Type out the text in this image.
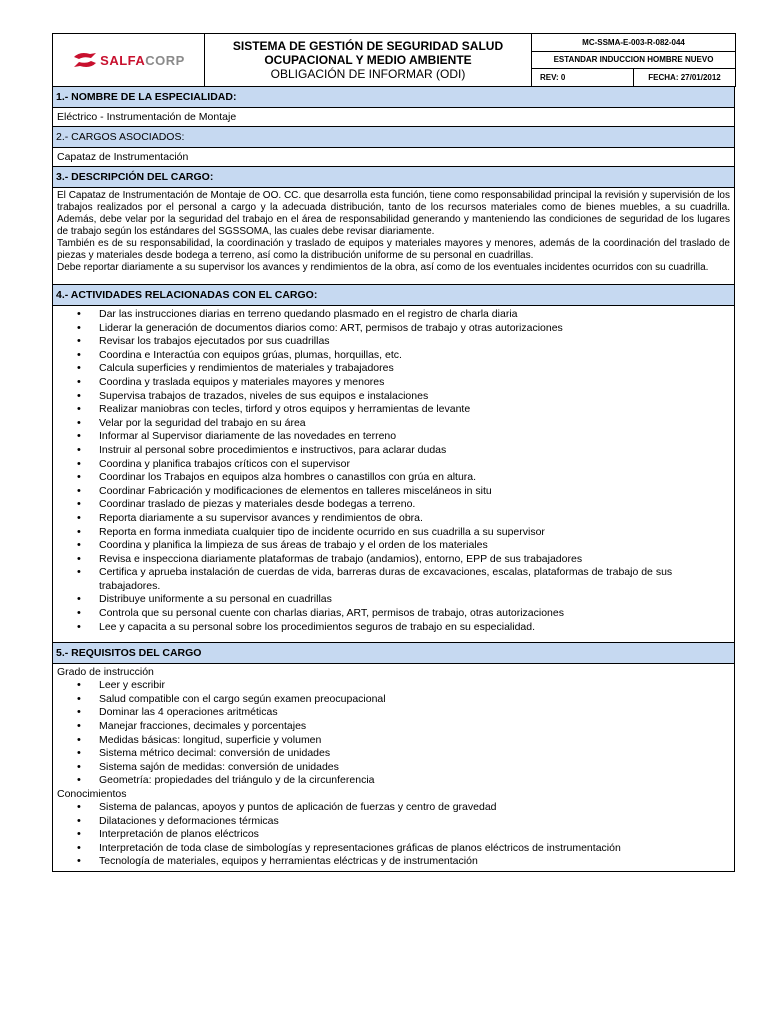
SALFACORP	SISTEMA DE GESTIÓN DE SEGURIDAD SALUD
OCUPACIONAL Y MEDIO AMBIENTE
OBLIGACIÓN DE INFORMAR (ODI)	MC-SSMA-E-003-R-082-044	
		ESTANDAR INDUCCION HOMBRE NUEVO	
		REV: 0	FECHA: 27/01/2012
1.- NOMBRE DE LA ESPECIALIDAD:
Eléctrico - Instrumentación de Montaje
2.- CARGOS ASOCIADOS:
Capataz de Instrumentación
3.- DESCRIPCIÓN DEL CARGO:

El Capataz de Instrumentación de Montaje de OO. CC. que desarrolla esta función, tiene como responsabilidad principal la revisión y supervisión de los trabajos realizados por el personal a cargo y la adecuada distribución, tanto de los recursos materiales como de bienes muebles, a su cuadrilla. Además, debe velar por la seguridad del trabajo en el área de responsabilidad generando y manteniendo las condiciones de seguridad de los lugares de trabajo según los estándares del SGSSOMA, las cuales debe revisar diariamente.

También es de su responsabilidad, la coordinación y traslado de equipos y materiales mayores y menores, además de la coordinación del traslado de piezas y materiales desde bodega a terreno, así como la distribución uniforme de su personal en cuadrillas.

Debe reportar diariamente a su supervisor los avances y rendimientos de la obra, así como de los eventuales incidentes ocurridos con su cuadrilla.

4.- ACTIVIDADES RELACIONADAS CON EL CARGO:
• Dar las instrucciones diarias en terreno quedando plasmado en el registro de charla diaria
• Liderar la generación de documentos diarios como: ART, permisos de trabajo y otras autorizaciones
• Revisar los trabajos ejecutados por sus cuadrillas
• Coordina e Interactúa con equipos grúas, plumas, horquillas, etc.
• Calcula superficies y rendimientos de materiales y trabajadores
• Coordina y traslada equipos y materiales mayores y menores
• Supervisa trabajos de trazados, niveles de sus equipos e instalaciones
• Realizar maniobras con tecles, tirford y otros equipos y herramientas de levante
• Velar por la seguridad del trabajo en su área
• Informar al Supervisor diariamente de las novedades en terreno
• Instruir al personal sobre procedimientos e instructivos, para aclarar dudas
• Coordina y planifica trabajos críticos con el supervisor
• Coordinar los Trabajos en equipos alza hombres o canastillos con grúa en altura.
• Coordinar Fabricación y modificaciones de elementos en talleres misceláneos in situ
• Coordinar traslado de piezas y materiales desde bodegas a terreno.
• Reporta diariamente a su supervisor avances y rendimientos de obra.
• Reporta en forma inmediata cualquier tipo de incidente ocurrido en sus cuadrilla a su supervisor
• Coordina y planifica la limpieza de sus áreas de trabajo y el orden de los materiales
• Revisa e inspecciona diariamente plataformas de trabajo (andamios), entorno, EPP de sus trabajadores
• Certifica y aprueba instalación de cuerdas de vida, barreras duras de excavaciones, escalas, plataformas de trabajo de sus trabajadores.
• Distribuye uniformente a su personal en cuadrillas
• Controla que su personal cuente con charlas diarias, ART, permisos de trabajo, otras autorizaciones
• Lee y capacita a su personal sobre los procedimientos seguros de trabajo en su especialidad.
5.- REQUISITOS DEL CARGO
Grado de instrucción
• Leer y escribir
• Salud compatible con el cargo según examen preocupacional
• Dominar las 4 operaciones aritméticas
• Manejar fracciones, decimales y porcentajes
• Medidas básicas: longitud, superficie y volumen
• Sistema métrico decimal: conversión de unidades
• Sistema sajón de medidas: conversión de unidades
• Geometría: propiedades del triángulo y de la circunferencia
Conocimientos
• Sistema de palancas, apoyos y puntos de aplicación de fuerzas y centro de gravedad
• Dilataciones y deformaciones térmicas
• Interpretación de planos eléctricos
• Interpretación de toda clase de simbologías y representaciones gráficas de planos eléctricos de instrumentación
• Tecnología de materiales, equipos y herramientas eléctricas y de instrumentación
